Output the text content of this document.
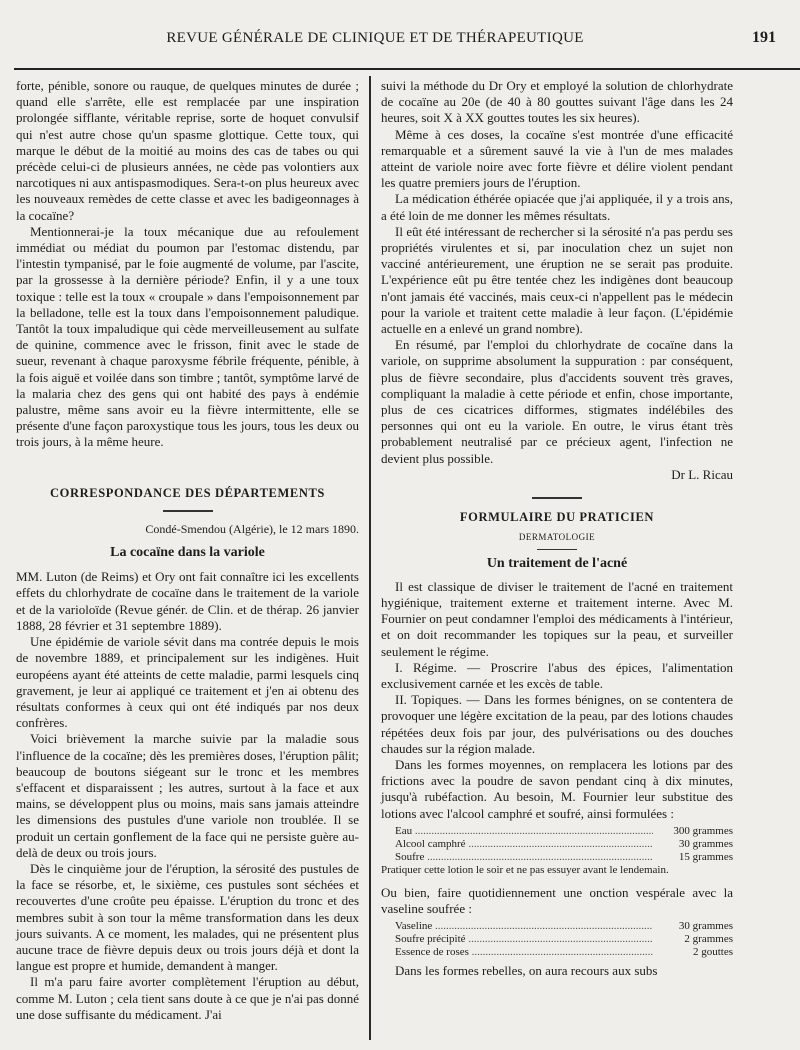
REVUE GÉNÉRALE DE CLINIQUE ET DE THÉRAPEUTIQUE	191

forte, pénible, sonore ou rauque, de quelques minutes de durée ; quand elle s'arrête, elle est remplacée par une inspiration prolongée sifflante, véritable reprise, sorte de hoquet convulsif qui n'est autre chose qu'un spasme glottique. Cette toux, qui marque le début de la moitié au moins des cas de tabes ou qui précède celui-ci de plusieurs années, ne cède pas volontiers aux narcotiques ni aux antispasmodiques. Sera-t-on plus heureux avec les nouveaux remèdes de cette classe et avec les badigeonnages à la cocaïne?

Mentionnerai-je la toux mécanique due au refoulement immédiat ou médiat du poumon par l'estomac distendu, par l'intestin tympanisé, par le foie augmenté de volume, par l'ascite, par la grossesse à la dernière période? Enfin, il y a une toux toxique : telle est la toux « croupale » dans l'empoisonnement par la belladone, telle est la toux dans l'empoisonnement paludique. Tantôt la toux impaludique qui cède merveilleusement au sulfate de quinine, commence avec le frisson, finit avec le stade de sueur, revenant à chaque paroxysme fébrile fréquente, pénible, à la fois aiguë et voilée dans son timbre ; tantôt, symptôme larvé de la malaria chez des gens qui ont habité des pays à endémie palustre, même sans avoir eu la fièvre intermittente, elle se présente d'une façon paroxystique tous les jours, tous les deux ou trois jours, à la même heure.

CORRESPONDANCE DES DÉPARTEMENTS
Condé-Smendou (Algérie), le 12 mars 1890.
La cocaïne dans la variole

MM. Luton (de Reims) et Ory ont fait connaître ici les excellents effets du chlorhydrate de cocaïne dans le traitement de la variole et de la varioloïde (Revue génér. de Clin. et de thérap. 26 janvier 1888, 28 février et 31 septembre 1889).

Une épidémie de variole sévit dans ma contrée depuis le mois de novembre 1889, et principalement sur les indigènes. Huit européens ayant été atteints de cette maladie, parmi lesquels cinq gravement, je leur ai appliqué ce traitement et j'en ai obtenu des résultats conformes à ceux qui ont été indiqués par nos deux confrères.

Voici brièvement la marche suivie par la maladie sous l'influence de la cocaïne; dès les premières doses, l'éruption pâlit; beaucoup de boutons siégeant sur le tronc et les membres s'effacent et disparaissent ; les autres, surtout à la face et aux mains, se développent plus ou moins, mais sans jamais atteindre les dimensions des pustules d'une variole non troublée. Il se produit un certain gonflement de la face qui ne persiste guère au-delà de deux ou trois jours.

Dès le cinquième jour de l'éruption, la sérosité des pustules de la face se résorbe, et, le sixième, ces pustules sont séchées et recouvertes d'une croûte peu épaisse. L'éruption du tronc et des membres subit à son tour la même transformation dans les deux jours suivants. A ce moment, les malades, qui ne présentent plus aucune trace de fièvre depuis deux ou trois jours déjà et dont la langue est propre et humide, demandent à manger.

Il m'a paru faire avorter complètement l'éruption au début, comme M. Luton ; cela tient sans doute à ce que je n'ai pas donné une dose suffisante du médicament. J'ai

suivi la méthode du Dr Ory et employé la solution de chlorhydrate de cocaïne au 20e (de 40 à 80 gouttes suivant l'âge dans les 24 heures, soit X à XX gouttes toutes les six heures).

Même à ces doses, la cocaïne s'est montrée d'une efficacité remarquable et a sûrement sauvé la vie à l'un de mes malades atteint de variole noire avec forte fièvre et délire violent pendant les quatre premiers jours de l'éruption.

La médication éthérée opiacée que j'ai appliquée, il y a trois ans, a été loin de me donner les mêmes résultats.

Il eût été intéressant de rechercher si la sérosité n'a pas perdu ses propriétés virulentes et si, par inoculation chez un sujet non vacciné antérieurement, une éruption ne se serait pas produite. L'expérience eût pu être tentée chez les indigènes dont beaucoup n'ont jamais été vaccinés, mais ceux-ci n'appellent pas le médecin pour la variole et traitent cette maladie à leur façon. (L'épidémie actuelle en a enlevé un grand nombre).

En résumé, par l'emploi du chlorhydrate de cocaïne dans la variole, on supprime absolument la suppuration : par conséquent, plus de fièvre secondaire, plus d'accidents souvent très graves, compliquant la maladie à cette période et enfin, chose importante, plus de ces cicatrices difformes, stigmates indélébiles des personnes qui ont eu la variole. En outre, le virus étant très probablement neutralisé par ce précieux agent, l'infection ne devient plus possible.

Dr L. Ricau
FORMULAIRE DU PRATICIEN
DERMATOLOGIE
Un traitement de l'acné

Il est classique de diviser le traitement de l'acné en traitement hygiénique, traitement externe et traitement interne. Avec M. Fournier on peut condamner l'emploi des médicaments à l'intérieur, et on doit recommander les topiques sur la peau, et surveiller seulement le régime.

I. Régime. — Proscrire l'abus des épices, l'alimentation exclusivement carnée et les excès de table.

II. Topiques. — Dans les formes bénignes, on se contentera de provoquer une légère excitation de la peau, par des lotions chaudes répétées deux fois par jour, des pulvérisations ou des douches chaudes sur la région malade.

Dans les formes moyennes, on remplacera les lotions par des frictions avec la poudre de savon pendant cinq à dix minutes, jusqu'à rubéfaction. Au besoin, M. Fournier leur substitue des lotions avec l'alcool camphré et soufré, ainsi formulées :

Eau .....	300 grammes
Alcool camphré .....	30 grammes
Soufre .....	15 grammes
Pratiquer cette lotion le soir et ne pas essuyer avant le lendemain.

Ou bien, faire quotidiennement une onction vespérale avec la vaseline soufrée :

Vaseline .....	30 grammes
Soufre précipité .....	2 grammes
Essence de roses .....	2 gouttes

Dans les formes rebelles, on aura recours aux subs
